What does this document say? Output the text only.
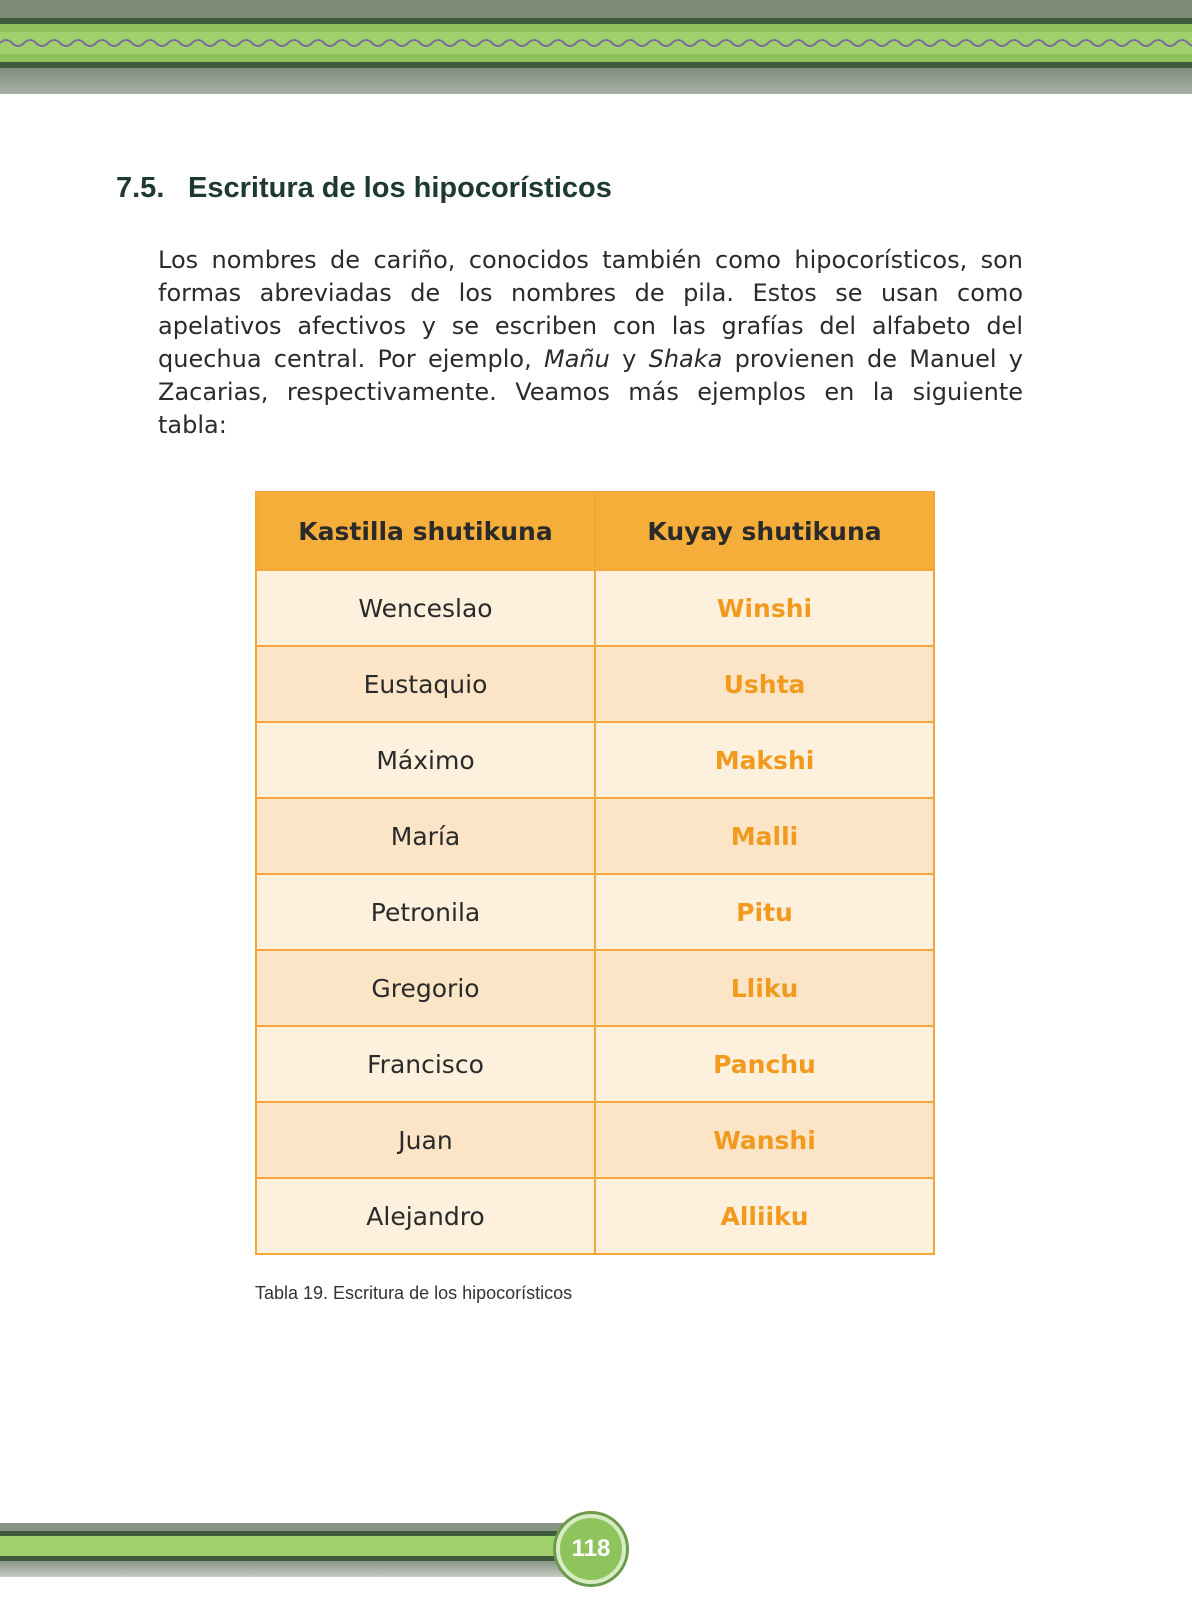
7.5. Escritura de los hipocorísticos

Los nombres de cariño, conocidos también como hipocorísticos, son formas abreviadas de los nombres de pila. Estos se usan como apelativos afectivos y se escriben con las grafías del alfabeto del quechua central. Por ejemplo, Mañu y Shaka provienen de Manuel y Zacarias, respectivamente. Veamos más ejemplos en la siguiente tabla:

Kastilla shutikuna	Kuyay shutikuna
Wenceslao	Winshi
Eustaquio	Ushta
Máximo	Makshi
María	Malli
Petronila	Pitu
Gregorio	Lliku
Francisco	Panchu
Juan	Wanshi
Alejandro	Alliiku
Tabla 19. Escritura de los hipocorísticos
118
